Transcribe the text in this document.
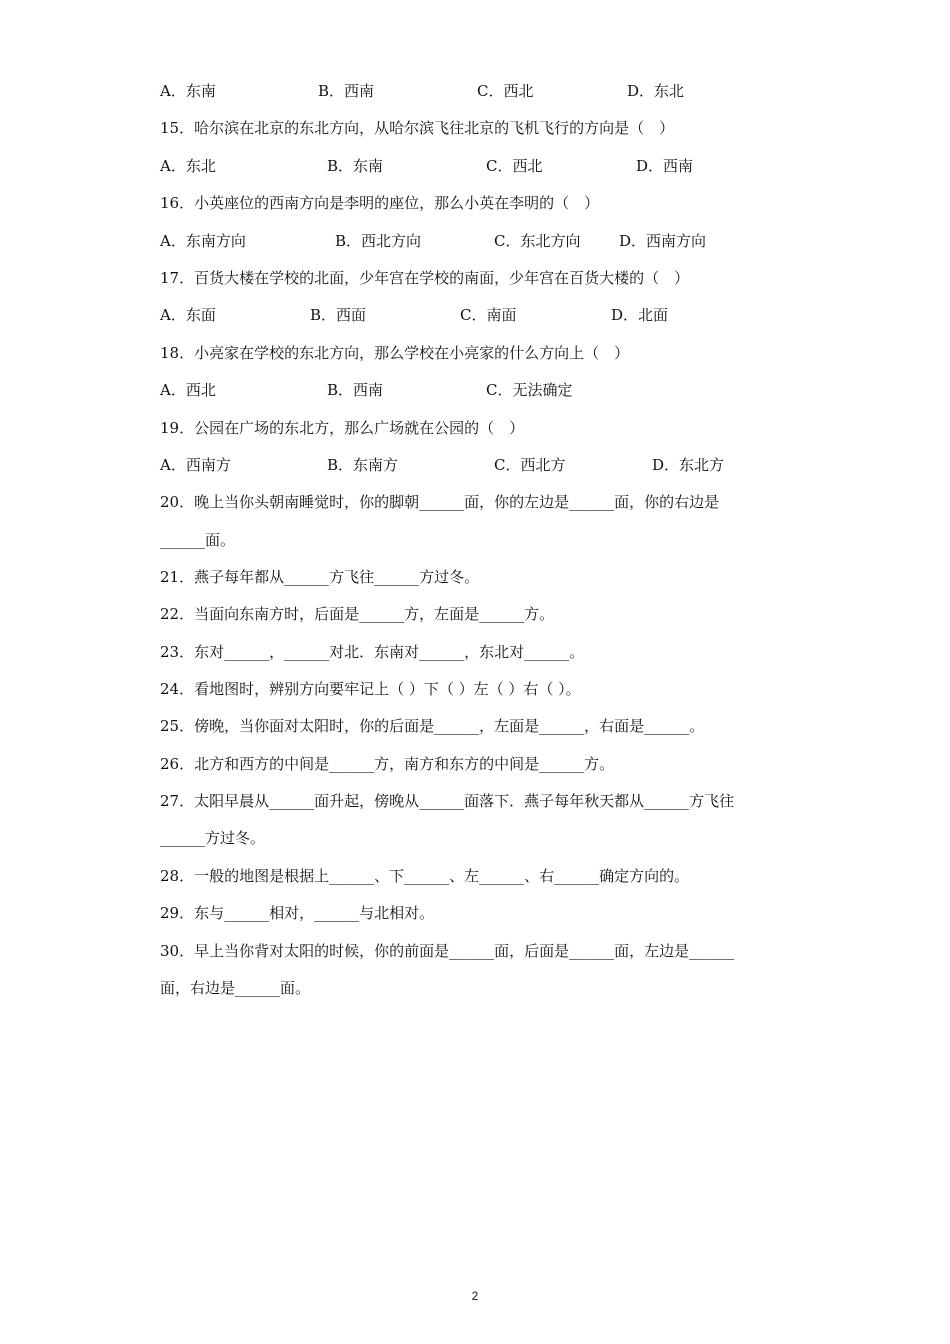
A．东南	B．西南	C．西北	D．东北
15．哈尔滨在北京的东北方向，从哈尔滨飞往北京的飞机飞行的方向是（　）
A．东北	B．东南	C．西北	D．西南
16．小英座位的西南方向是李明的座位，那么小英在李明的（　）
A．东南方向	B．西北方向	C．东北方向	D．西南方向
17．百货大楼在学校的北面，少年宫在学校的南面，少年宫在百货大楼的（　）
A．东面	B．西面	C．南面	D．北面
18．小亮家在学校的东北方向，那么学校在小亮家的什么方向上（　）
A．西北	B．西南	C．无法确定
19．公园在广场的东北方，那么广场就在公园的（　）
A．西南方	B．东南方	C．西北方	D．东北方
20．晚上当你头朝南睡觉时，你的脚朝______面，你的左边是______面，你的右边是
______面。
21．燕子每年都从______方飞往______方过冬。
22．当面向东南方时，后面是______方，左面是______方。
23．东对______，______对北．东南对______，东北对______。
24．看地图时，辨别方向要牢记上（ ）下（ ）左（ ）右（ ）。
25．傍晚，当你面对太阳时，你的后面是______，左面是______，右面是______。
26．北方和西方的中间是______方，南方和东方的中间是______方。
27．太阳早晨从______面升起，傍晚从______面落下．燕子每年秋天都从______方飞往
______方过冬。
28．一般的地图是根据上______、下______、左______、右______确定方向的。
29．东与______相对，______与北相对。
30．早上当你背对太阳的时候，你的前面是______面，后面是______面，左边是______
面，右边是______面。
2
